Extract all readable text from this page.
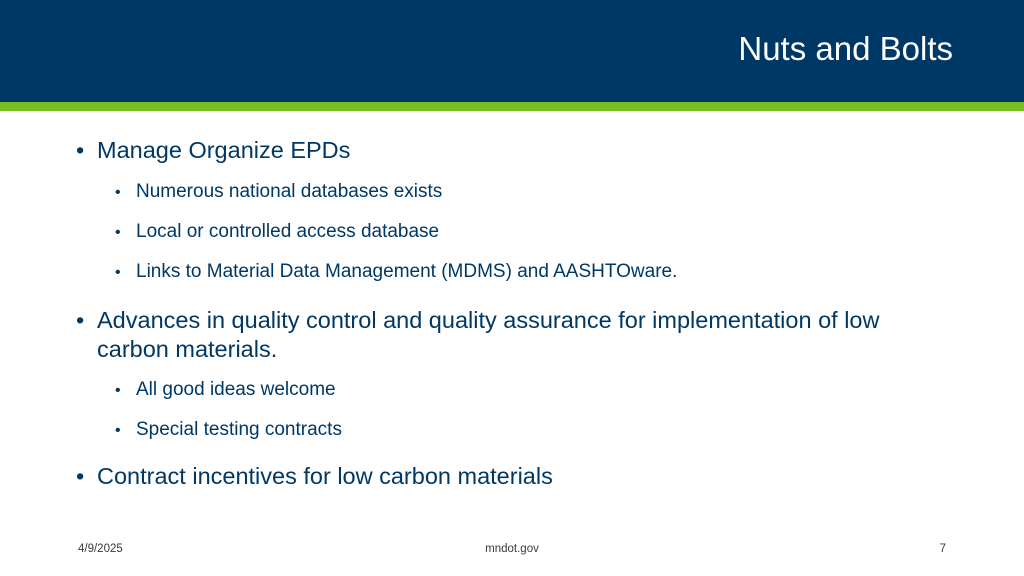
Nuts and Bolts
• Manage Organize EPDs
• Numerous national databases exists
• Local or controlled access database
• Links to Material Data Management (MDMS) and AASHTOware.
• Advances in quality control and quality assurance for implementation of low carbon materials.
• All good ideas welcome
• Special testing contracts
• Contract incentives for low carbon materials
4/9/2025	mndot.gov	7
